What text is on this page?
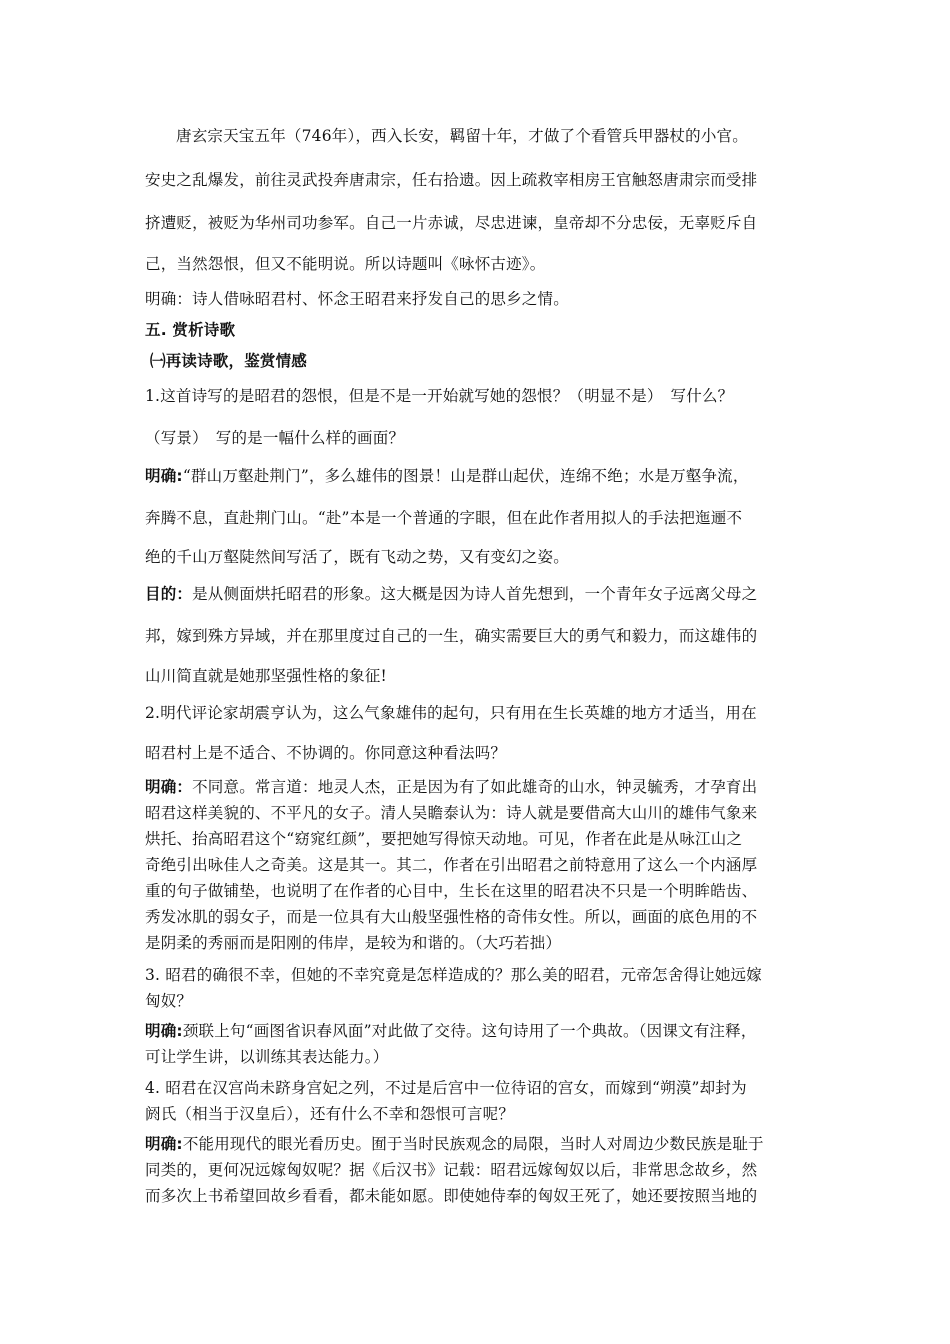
唐玄宗天宝五年（746年），西入长安，羁留十年，才做了个看管兵甲器杖的小官。
安史之乱爆发，前往灵武投奔唐肃宗，任右拾遗。因上疏救宰相房王官触怒唐肃宗而受排
挤遭贬，被贬为华州司功参军。自己一片赤诚，尽忠进谏，皇帝却不分忠佞，无辜贬斥自
己，当然怨恨，但又不能明说。所以诗题叫《咏怀古迹》。
明确：诗人借咏昭君村、怀念王昭君来抒发自己的思乡之情。
五. 赏析诗歌
㈠再读诗歌，鉴赏情感
1.这首诗写的是昭君的怨恨，但是不是一开始就写她的怨恨？（明显不是）　写什么？
（写景）　写的是一幅什么样的画面？
明确:“群山万壑赴荆门”，多么雄伟的图景！山是群山起伏，连绵不绝；水是万壑争流，
奔腾不息，直赴荆门山。“赴”本是一个普通的字眼，但在此作者用拟人的手法把迤逦不
绝的千山万壑陡然间写活了，既有飞动之势，又有变幻之姿。
目的：是从侧面烘托昭君的形象。这大概是因为诗人首先想到，一个青年女子远离父母之
邦，嫁到殊方异域，并在那里度过自己的一生，确实需要巨大的勇气和毅力，而这雄伟的
山川简直就是她那坚强性格的象征!
2.明代评论家胡震亨认为，这么气象雄伟的起句，只有用在生长英雄的地方才适当，用在
昭君村上是不适合、不协调的。你同意这种看法吗？
明确：不同意。常言道：地灵人杰，正是因为有了如此雄奇的山水，钟灵毓秀，才孕育出
昭君这样美貌的、不平凡的女子。清人吴瞻泰认为：诗人就是要借高大山川的雄伟气象来
烘托、抬高昭君这个“窈窕红颜”，要把她写得惊天动地。可见，作者在此是从咏江山之
奇绝引出咏佳人之奇美。这是其一。其二，作者在引出昭君之前特意用了这么一个内涵厚
重的句子做铺垫，也说明了在作者的心目中，生长在这里的昭君决不只是一个明眸皓齿、
秀发冰肌的弱女子，而是一位具有大山般坚强性格的奇伟女性。所以，画面的底色用的不
是阴柔的秀丽而是阳刚的伟岸，是较为和谐的。（大巧若拙）
3. 昭君的确很不幸，但她的不幸究竟是怎样造成的？那么美的昭君，元帝怎舍得让她远嫁
匈奴？
明确:颈联上句“画图省识春风面”对此做了交待。这句诗用了一个典故。（因课文有注释，
可让学生讲，以训练其表达能力。）
4. 昭君在汉宫尚未跻身宫妃之列，不过是后宫中一位待诏的宫女，而嫁到“朔漠”却封为
阏氏（相当于汉皇后），还有什么不幸和怨恨可言呢？
明确:不能用现代的眼光看历史。囿于当时民族观念的局限，当时人对周边少数民族是耻于
同类的，更何况远嫁匈奴呢？据《后汉书》记载：昭君远嫁匈奴以后，非常思念故乡，然
而多次上书希望回故乡看看，都未能如愿。即使她侍奉的匈奴王死了，她还要按照当地的
